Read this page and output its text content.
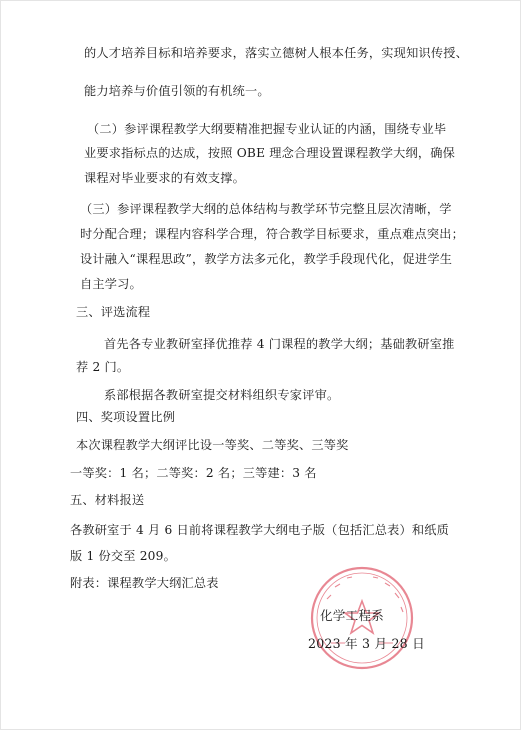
的人才培养目标和培养要求，落实立德树人根本任务，实现知识传授、
能力培养与价值引领的有机统一。
（二）参评课程教学大纲要精准把握专业认证的内涵，围绕专业毕
业要求指标点的达成，按照 OBE 理念合理设置课程教学大纲，确保
课程对毕业要求的有效支撑。
（三）参评课程教学大纲的总体结构与教学环节完整且层次清晰，学
时分配合理；课程内容科学合理，符合教学目标要求，重点难点突出；
设计融入“课程思政”，教学方法多元化，教学手段现代化，促进学生
自主学习。
三、评选流程
首先各专业教研室择优推荐 4 门课程的教学大纲；基础教研室推
荐 2 门。
系部根据各教研室提交材料组织专家评审。
四、奖项设置比例
本次课程教学大纲评比设一等奖、二等奖、三等奖
一等奖：1 名；二等奖：2 名；三等建：3 名
五、材料报送
各教研室于 4 月 6 日前将课程教学大纲电子版（包括汇总表）和纸质
版 1 份交至 209。
附表：课程教学大纲汇总表
化学工程系
2023 年 3 月 28 日
